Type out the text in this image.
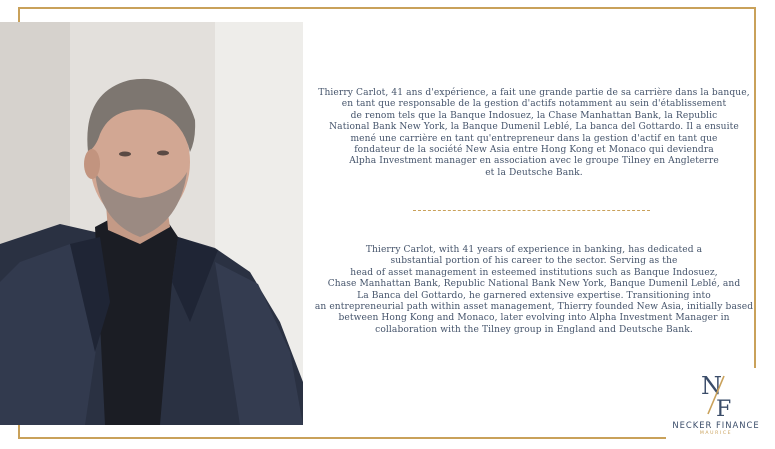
Thierry Carlot, 41 ans d'expérience, a fait une grande partie de sa carrière dans la banque,
en tant que responsable de la gestion d'actifs notamment au sein d'établissement
de renom tels que la Banque Indosuez, la Chase Manhattan Bank, la Republic
National Bank New York, la Banque Dumenil Leblé, La banca del Gottardo. Il a ensuite
mené une carrière en tant qu'entrepreneur dans la gestion d'actif en tant que
fondateur de la société New Asia entre Hong Kong et Monaco qui deviendra
Alpha Investment manager en association avec le groupe Tilney en Angleterre
et la Deutsche Bank.
Thierry Carlot, with 41 years of experience in banking, has dedicated a
substantial portion of his career to the sector. Serving as the
head of asset management in esteemed institutions such as Banque Indosuez,
Chase Manhattan Bank, Republic National Bank New York, Banque Dumenil Leblé, and
La Banca del Gottardo, he garnered extensive expertise. Transitioning into
an entrepreneurial path within asset management, Thierry founded New Asia, initially based
between Hong Kong and Monaco, later evolving into Alpha Investment Manager in
collaboration with the Tilney group in England and Deutsche Bank.
N
F
NECKER FINANCE
MAURICE
